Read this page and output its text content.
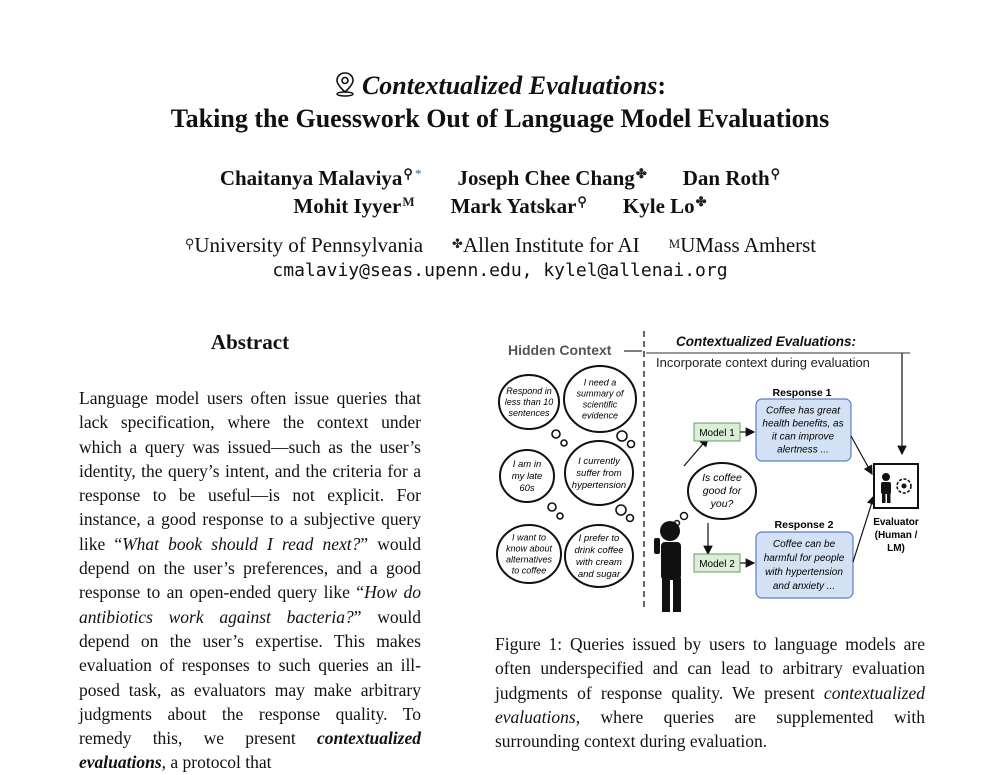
Contextualized Evaluations:
Taking the Guesswork Out of Language Model Evaluations
Chaitanya Malaviya⚲ * Joseph Chee Chang✤ Dan Roth⚲
Mohit Iyyer$^M$ Mark Yatskar⚲ Kyle Lo✤
⚲University of Pennsylvania ✤Allen Institute for AI MUMass Amherst
cmalaviy@seas.upenn.edu, kylel@allenai.org
Abstract
Language model users often issue queries that lack specification, where the context under which a query was issued—such as the user’s identity, the query’s intent, and the criteria for a response to be useful—is not explicit. For instance, a good response to a subjective query like “What book should I read next?” would depend on the user’s preferences, and a good response to an open-ended query like “How do antibiotics work against bacteria?” would depend on the user’s expertise. This makes evaluation of responses to such queries an ill-posed task, as evaluators may make arbitrary judgments about the response quality. To remedy this, we present contextualized evaluations, a protocol that
Hidden Context
Contextualized Evaluations:
Incorporate context during evaluation
Respond in less than 10 sentences
I need a summary of scientific evidence
I am in my late 60s
I currently suffer from hypertension
I want to know about alternatives to coffee
I prefer to drink coffee with cream and sugar
Is coffee good for you?
Model 1
Model 2
Response 1
Coffee has great health benefits, as it can improve alertness ...
Response 2
Coffee can be harmful for people with hypertension and anxiety ...
Evaluator (Human / LM)
Figure 1: Queries issued by users to language models are often underspecified and can lead to arbitrary evaluation judgments of response quality. We present contextualized evaluations, where queries are supplemented with surrounding context during evaluation.
